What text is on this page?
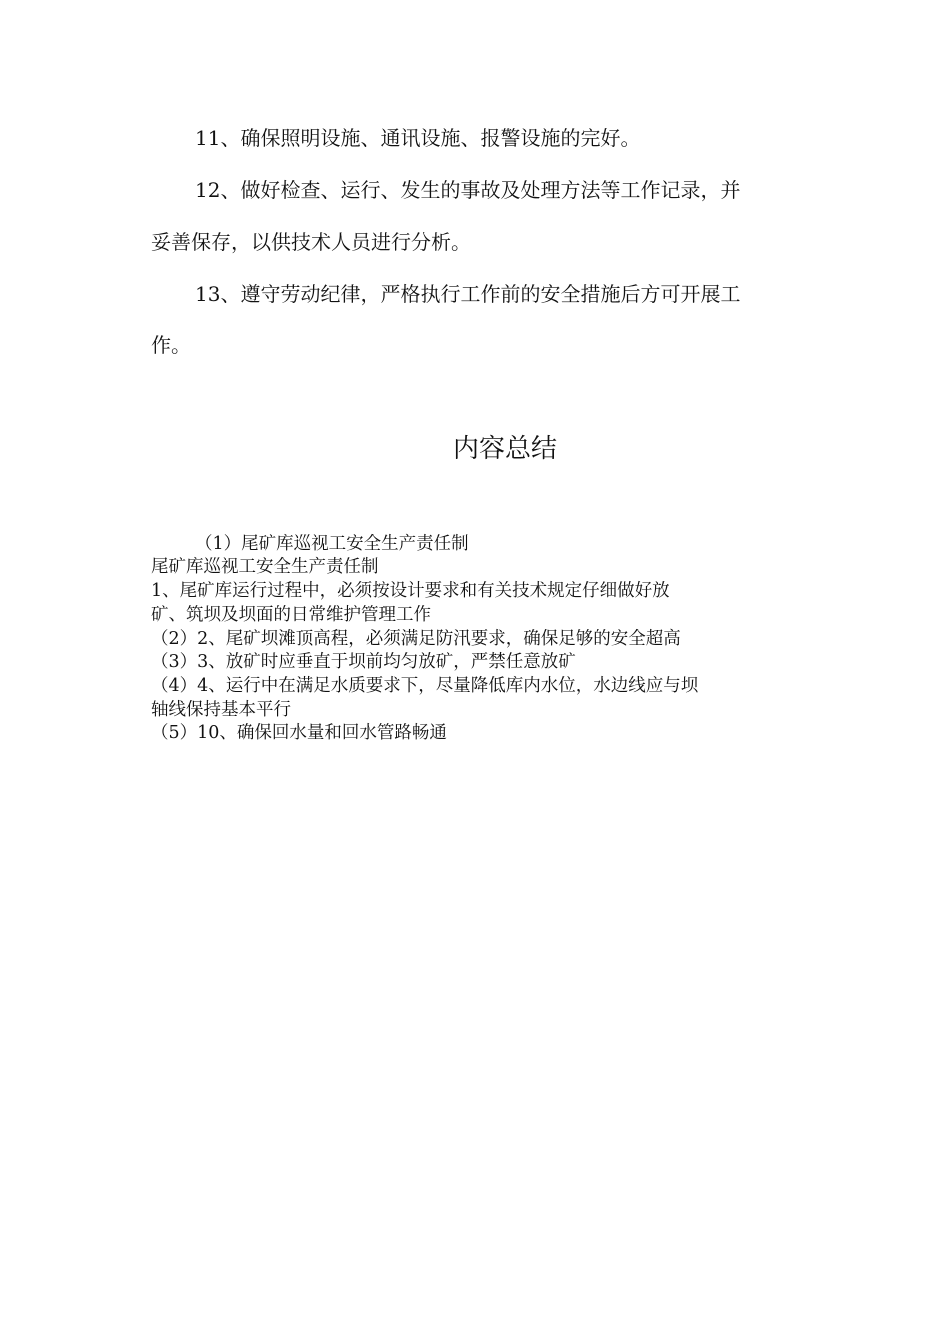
11、确保照明设施、通讯设施、报警设施的完好。
12、做好检查、运行、发生的事故及处理方法等工作记录，并
妥善保存，以供技术人员进行分析。
13、遵守劳动纪律，严格执行工作前的安全措施后方可开展工
作。
内容总结
（1）尾矿库巡视工安全生产责任制
尾矿库巡视工安全生产责任制
1、尾矿库运行过程中，必须按设计要求和有关技术规定仔细做好放
矿、筑坝及坝面的日常维护管理工作
（2）2、尾矿坝滩顶高程，必须满足防汛要求，确保足够的安全超高
（3）3、放矿时应垂直于坝前均匀放矿，严禁任意放矿
（4）4、运行中在满足水质要求下，尽量降低库内水位，水边线应与坝
轴线保持基本平行
（5）10、确保回水量和回水管路畅通
